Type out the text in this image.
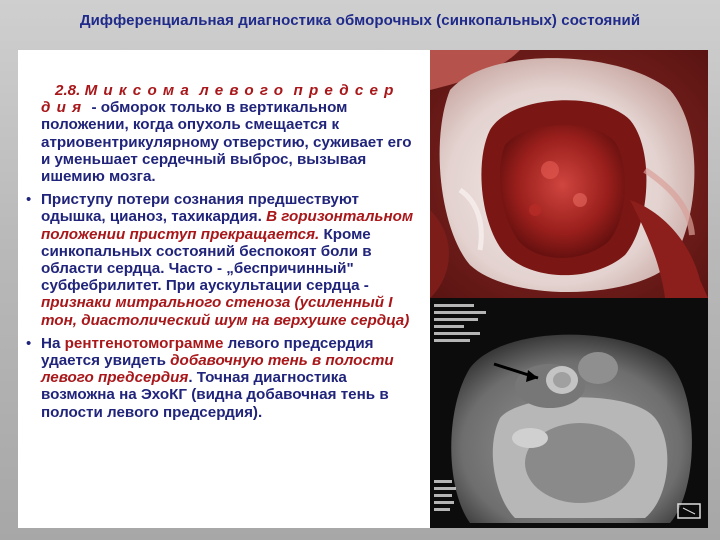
Дифференциальная диагностика обморочных (синкопальных) состояний

2.8. Миксома левого предсер дия - обморок только в вертикальном положении, когда опухоль смещается к атриовентрикулярному отверстию, суживает его и уменьшает сердечный выброс, вызывая ишемию мозга.

• Приступу потери сознания предшествуют одышка, цианоз, тахикардия. В горизонтальном положении приступ прекращается. Кроме синкопальных состояний беспокоят боли в области сердца. Часто - „беспричинный" субфебрилитет. При аускультации сердца - признаки митрального стеноза (усиленный I тон, диастолический шум на верхушке сердца)

• На рентгенотомограмме левого предсердия удается увидеть добавочную тень в полости левого предсердия. Точная диагностика возможна на ЭхоКГ (видна добавочная тень в полости левого предсердия).
